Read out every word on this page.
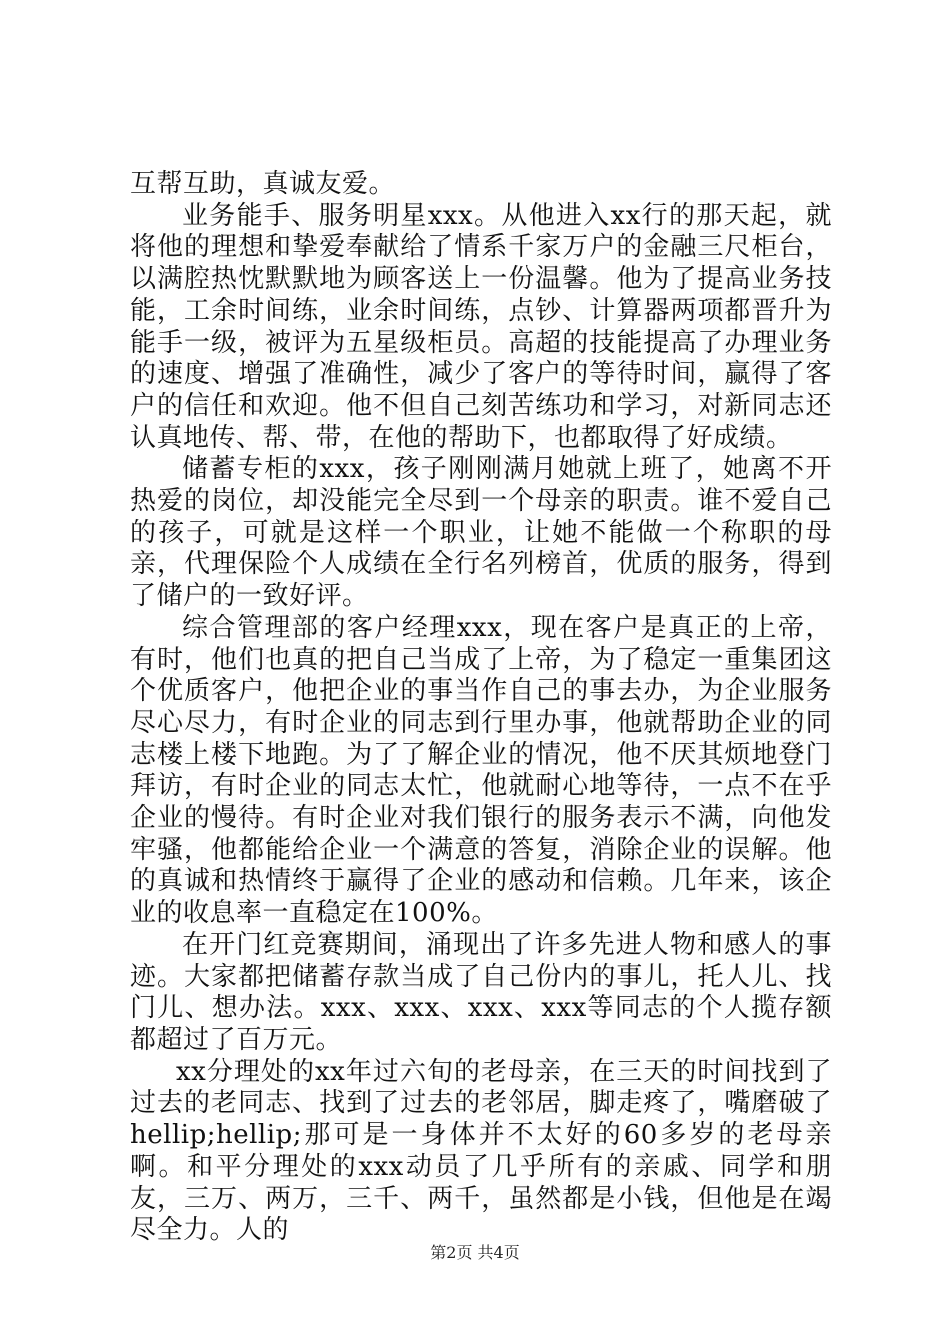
互帮互助，真诚友爱。

业务能手、服务明星xxx。从他进入xx行的那天起，就将他的理想和挚爱奉献给了情系千家万户的金融三尺柜台，以满腔热忱默默地为顾客送上一份温馨。他为了提高业务技能，工余时间练，业余时间练，点钞、计算器两项都晋升为能手一级，被评为五星级柜员。高超的技能提高了办理业务的速度、增强了准确性，减少了客户的等待时间，赢得了客户的信任和欢迎。他不但自己刻苦练功和学习，对新同志还认真地传、帮、带，在他的帮助下，也都取得了好成绩。

储蓄专柜的xxx，孩子刚刚满月她就上班了，她离不开热爱的岗位，却没能完全尽到一个母亲的职责。谁不爱自己的孩子，可就是这样一个职业，让她不能做一个称职的母亲，代理保险个人成绩在全行名列榜首，优质的服务，得到了储户的一致好评。

综合管理部的客户经理xxx，现在客户是真正的上帝，有时，他们也真的把自己当成了上帝，为了稳定一重集团这个优质客户，他把企业的事当作自己的事去办，为企业服务尽心尽力，有时企业的同志到行里办事，他就帮助企业的同志楼上楼下地跑。为了了解企业的情况，他不厌其烦地登门拜访，有时企业的同志太忙，他就耐心地等待，一点不在乎企业的慢待。有时企业对我们银行的服务表示不满，向他发牢骚，他都能给企业一个满意的答复，消除企业的误解。他的真诚和热情终于赢得了企业的感动和信赖。几年来，该企业的收息率一直稳定在100%。

在开门红竞赛期间，涌现出了许多先进人物和感人的事迹。大家都把储蓄存款当成了自己份内的事儿，托人儿、找门儿、想办法。xxx、xxx、xxx、xxx等同志的个人揽存额都超过了百万元。

xx分理处的xx年过六旬的老母亲，在三天的时间找到了过去的老同志、找到了过去的老邻居，脚走疼了，嘴磨破了hellip;hellip;那可是一身体并不太好的60多岁的老母亲啊。和平分理处的xxx动员了几乎所有的亲戚、同学和朋友，三万、两万，三千、两千，虽然都是小钱，但他是在竭尽全力。人的

第2页 共4页
